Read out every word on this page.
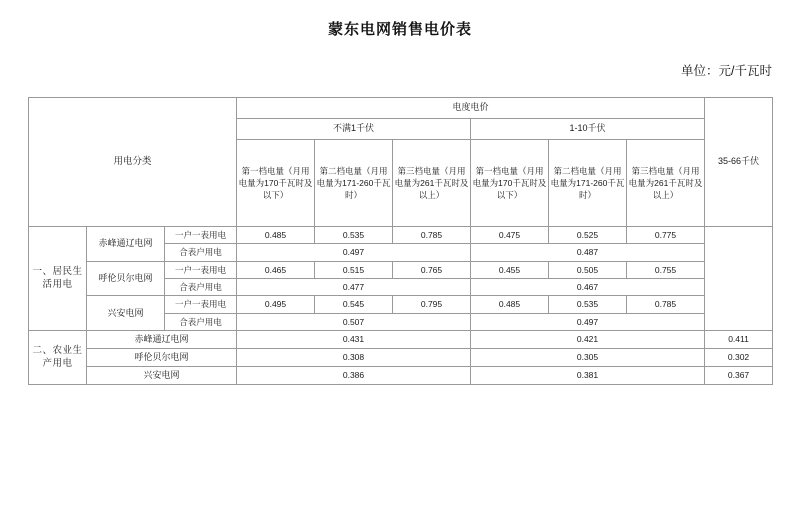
蒙东电网销售电价表
单位：元/千瓦时
用电分类			电度电价						35-66千伏
			不满1千伏			1-10千伏			
			第一档电量（月用电量为170千瓦时及以下）	第二档电量（月用电量为171-260千瓦时）	第三档电量（月用电量为261千瓦时及以上）	第一档电量（月用电量为170千瓦时及以下）	第二档电量（月用电量为171-260千瓦时）	第三档电量（月用电量为261千瓦时及以上）	
一、居民生活用电	赤峰通辽电网	一户一表用电	0.485	0.535	0.785	0.475	0.525	0.775	
		合表户用电	0.497			0.487			
	呼伦贝尔电网	一户一表用电	0.465	0.515	0.765	0.455	0.505	0.755	
		合表户用电	0.477			0.467			
	兴安电网	一户一表用电	0.495	0.545	0.795	0.485	0.535	0.785	
		合表户用电	0.507			0.497			
二、农业生产用电	赤峰通辽电网		0.431			0.421			0.411
	呼伦贝尔电网		0.308			0.305			0.302
	兴安电网		0.386			0.381			0.367
